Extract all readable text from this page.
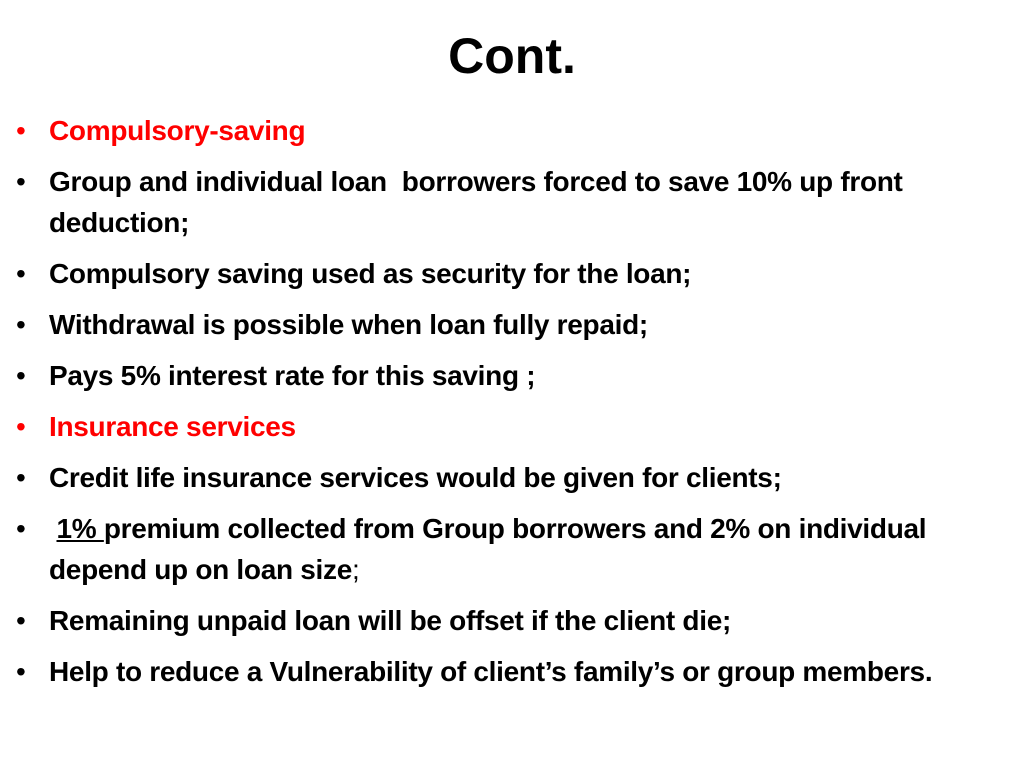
Cont.
• Compulsory-saving
• Group and individual loan  borrowers forced to save 10% up front deduction;
• Compulsory saving used as security for the loan;
• Withdrawal is possible when loan fully repaid;
• Pays 5% interest rate for this saving ;
• Insurance services
• Credit life insurance services would be given for clients;
•	1% premium collected from Group borrowers and 2% on individual depend up on loan size;
• Remaining unpaid loan will be offset if the client die;
• Help to reduce a Vulnerability of client’s family’s or group members.
